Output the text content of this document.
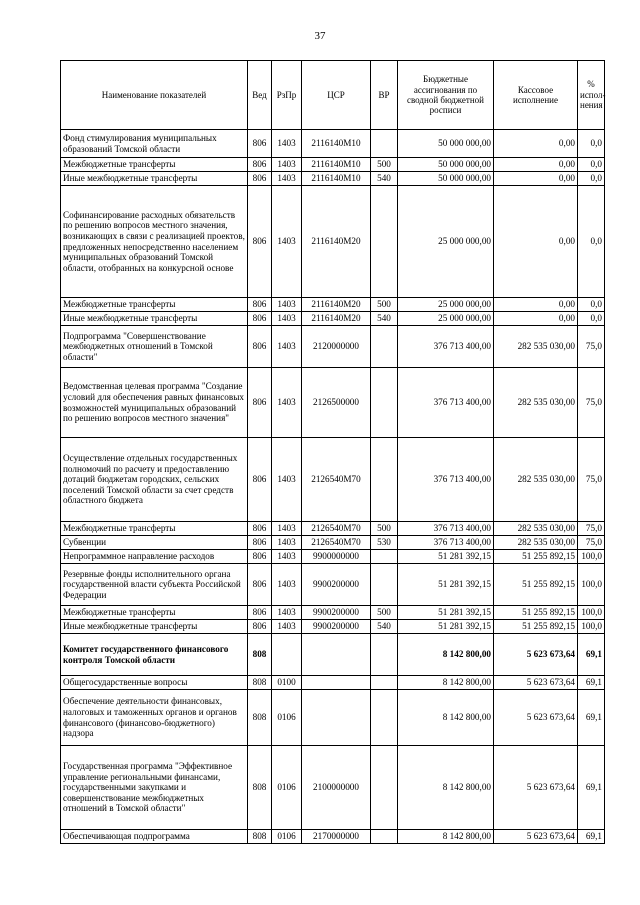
37
Наименование показателей	Вед	РзПр	ЦСР	ВР	Бюджетные ассигнования по сводной бюджетной росписи	Кассовое исполнение	% испол-нения
Фонд стимулирования муниципальных образований Томской области	806	1403	2116140М10		50 000 000,00	0,00	0,0
Межбюджетные трансферты	806	1403	2116140М10	500	50 000 000,00	0,00	0,0
Иные межбюджетные трансферты	806	1403	2116140М10	540	50 000 000,00	0,00	0,0
Софинансирование расходных обязательств по решению вопросов местного значения, возникающих в связи с реализацией проектов, предложенных непосредственно населением муниципальных образований Томской области, отобранных на конкурсной основе	806	1403	2116140М20		25 000 000,00	0,00	0,0
Межбюджетные трансферты	806	1403	2116140М20	500	25 000 000,00	0,00	0,0
Иные межбюджетные трансферты	806	1403	2116140М20	540	25 000 000,00	0,00	0,0
Подпрограмма "Совершенствование межбюджетных отношений в Томской области"	806	1403	2120000000		376 713 400,00	282 535 030,00	75,0
Ведомственная целевая программа "Создание условий для обеспечения равных финансовых возможностей муниципальных образований по решению вопросов местного значения"	806	1403	2126500000		376 713 400,00	282 535 030,00	75,0
Осуществление отдельных государственных полномочий по расчету и предоставлению дотаций бюджетам городских, сельских поселений Томской области за счет средств областного бюджета	806	1403	2126540М70		376 713 400,00	282 535 030,00	75,0
Межбюджетные трансферты	806	1403	2126540М70	500	376 713 400,00	282 535 030,00	75,0
Субвенции	806	1403	2126540М70	530	376 713 400,00	282 535 030,00	75,0
Непрограммное направление расходов	806	1403	9900000000		51 281 392,15	51 255 892,15	100,0
Резервные фонды исполнительного органа государственной власти субъекта Российской Федерации	806	1403	9900200000		51 281 392,15	51 255 892,15	100,0
Межбюджетные трансферты	806	1403	9900200000	500	51 281 392,15	51 255 892,15	100,0
Иные межбюджетные трансферты	806	1403	9900200000	540	51 281 392,15	51 255 892,15	100,0
Комитет государственного финансового контроля Томской области	808				8 142 800,00	5 623 673,64	69,1
Общегосударственные вопросы	808	0100			8 142 800,00	5 623 673,64	69,1
Обеспечение деятельности финансовых, налоговых и таможенных органов и органов финансового (финансово-бюджетного) надзора	808	0106			8 142 800,00	5 623 673,64	69,1
Государственная программа "Эффективное управление региональными финансами, государственными закупками и совершенствование межбюджетных отношений в Томской области"	808	0106	2100000000		8 142 800,00	5 623 673,64	69,1
Обеспечивающая подпрограмма	808	0106	2170000000		8 142 800,00	5 623 673,64	69,1
